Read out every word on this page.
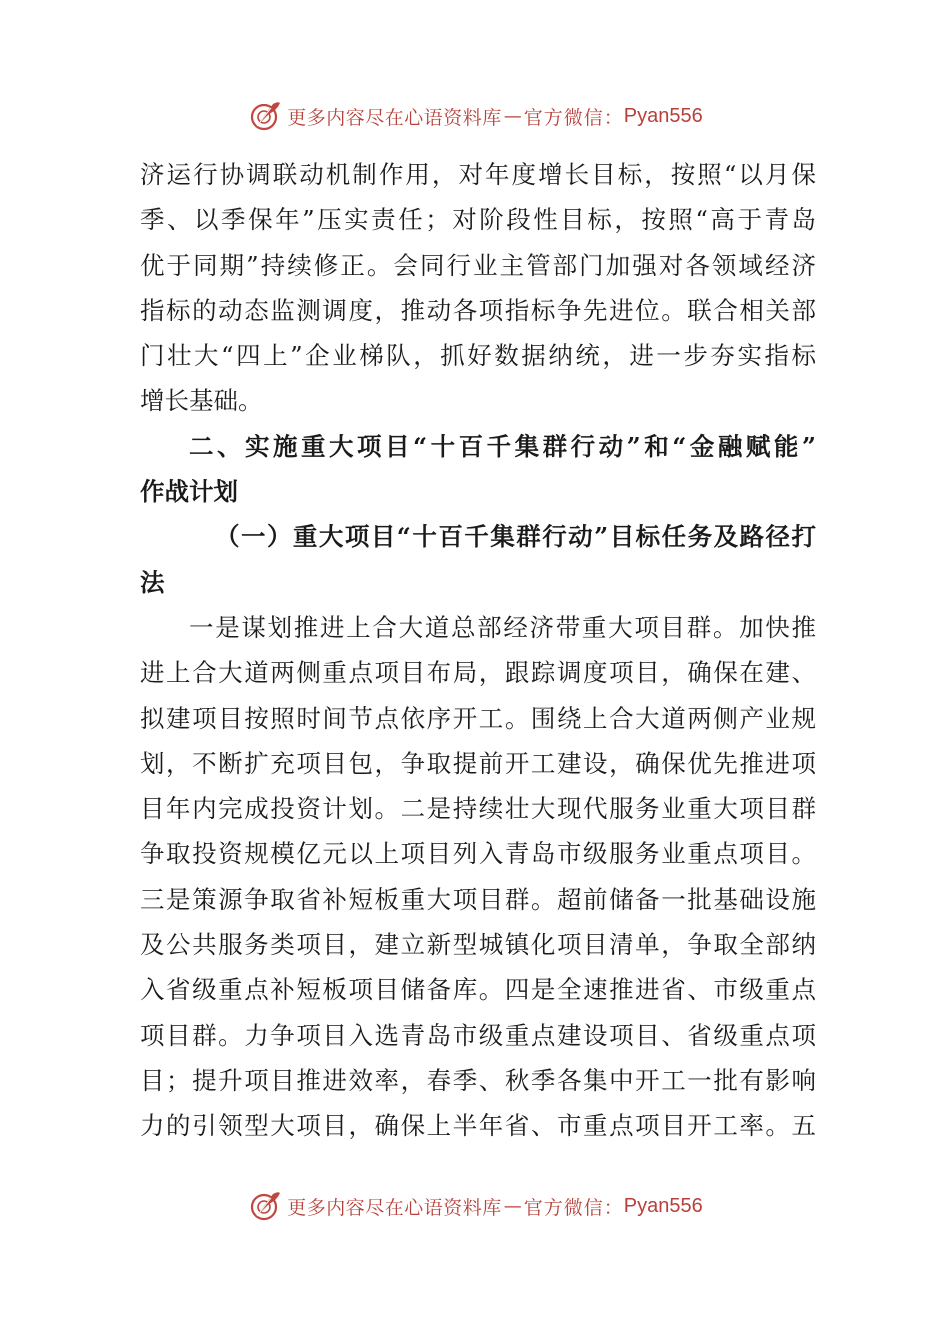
更多内容尽在心语资料库 — 官方微信： Pyan556
济运行协调联动机制作用，对年度增长目标，按照“以月保
季、以季保年”压实责任；对阶段性目标，按照“高于青岛
优于同期”持续修正。会同行业主管部门加强对各领域经济
指标的动态监测调度，推动各项指标争先进位。联合相关部
门壮大“四上”企业梯队，抓好数据纳统，进一步夯实指标
增长基础。
二、实施重大项目“十百千集群行动”和“金融赋能”
作战计划
（一）重大项目“十百千集群行动”目标任务及路径打
法
一是谋划推进上合大道总部经济带重大项目群。加快推
进上合大道两侧重点项目布局，跟踪调度项目，确保在建、
拟建项目按照时间节点依序开工。围绕上合大道两侧产业规
划，不断扩充项目包，争取提前开工建设，确保优先推进项
目年内完成投资计划。二是持续壮大现代服务业重大项目群
争取投资规模亿元以上项目列入青岛市级服务业重点项目。
三是策源争取省补短板重大项目群。超前储备一批基础设施
及公共服务类项目，建立新型城镇化项目清单，争取全部纳
入省级重点补短板项目储备库。四是全速推进省、市级重点
项目群。力争项目入选青岛市级重点建设项目、省级重点项
目；提升项目推进效率，春季、秋季各集中开工一批有影响
力的引领型大项目，确保上半年省、市重点项目开工率。五
更多内容尽在心语资料库 — 官方微信： Pyan556
